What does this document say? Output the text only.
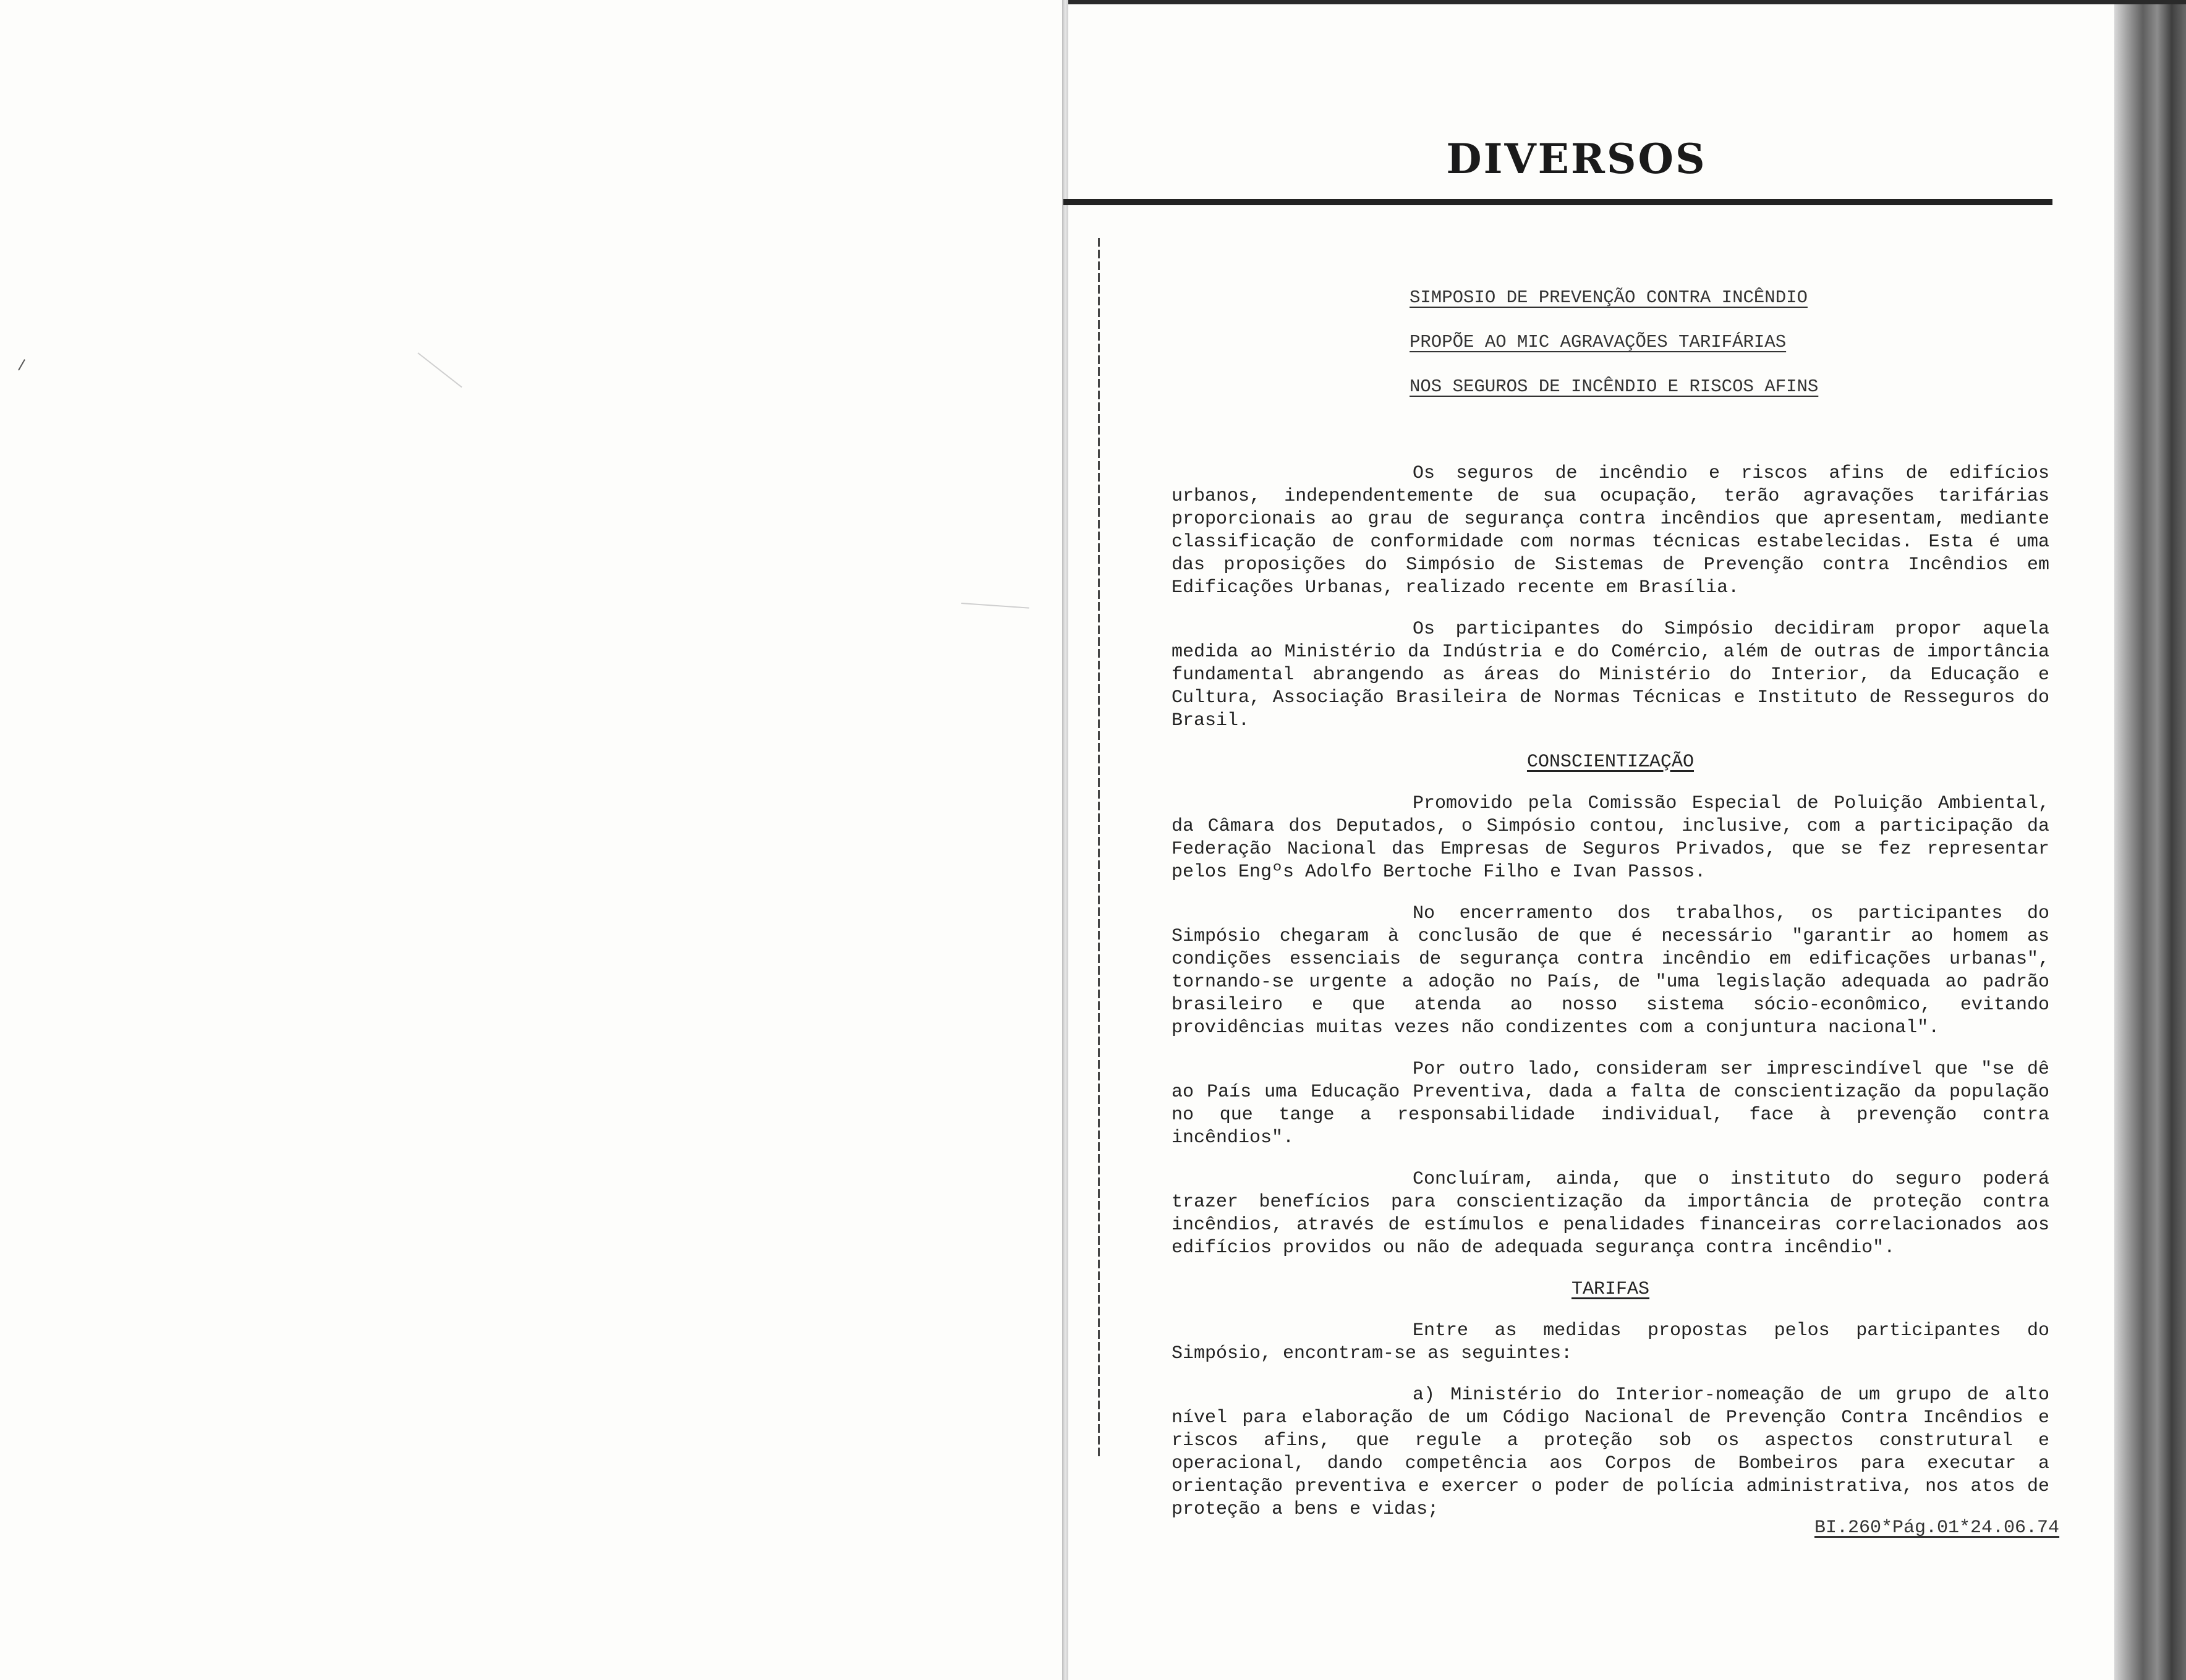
DIVERSOS

SIMPOSIO DE PREVENÇÃO CONTRA INCÊNDIO

PROPÕE AO MIC AGRAVAÇÕES TARIFÁRIAS

NOS SEGUROS DE INCÊNDIO E RISCOS AFINS

Os seguros de incêndio e riscos afins de edifícios urbanos, independentemente de sua ocupação, terão agravações tarifárias proporcionais ao grau de segurança contra incêndios que apresentam, mediante classificação de conformidade com normas técnicas estabelecidas. Esta é uma das proposições do Simpósio de Sistemas de Prevenção contra Incêndios em Edificações Urbanas, realizado recente em Brasília.

Os participantes do Simpósio decidiram propor aquela medida ao Ministério da Indústria e do Comércio, além de outras de importância fundamental abrangendo as áreas do Ministério do Interior, da Educação e Cultura, Associação Brasileira de Normas Técnicas e Instituto de Resseguros do Brasil.

CONSCIENTIZAÇÃO

Promovido pela Comissão Especial de Poluição Ambiental, da Câmara dos Deputados, o Simpósio contou, inclusive, com a participação da Federação Nacional das Empresas de Seguros Privados, que se fez representar pelos Engºs Adolfo Bertoche Filho e Ivan Passos.

No encerramento dos trabalhos, os participantes do Simpósio chegaram à conclusão de que é necessário "garantir ao homem as condições essenciais de segurança contra incêndio em edificações urbanas", tornando-se urgente a adoção no País, de "uma legislação adequada ao padrão brasileiro e que atenda ao nosso sistema sócio-econômico, evitando providências muitas vezes não condizentes com a conjuntura nacional".

Por outro lado, consideram ser imprescindível que "se dê ao País uma Educação Preventiva, dada a falta de conscientização da população no que tange a responsabilidade individual, face à prevenção contra incêndios".

Concluíram, ainda, que o instituto do seguro poderá trazer benefícios para conscientização da importância de proteção contra incêndios, através de estímulos e penalidades financeiras correlacionados aos edifícios providos ou não de adequada segurança contra incêndio".

TARIFAS

Entre as medidas propostas pelos participantes do Simpósio, encontram-se as seguintes:

a) Ministério do Interior-nomeação de um grupo de alto nível para elaboração de um Código Nacional de Prevenção Contra Incêndios e riscos afins, que regule a proteção sob os aspectos construtural e operacional, dando competência aos Corpos de Bombeiros para executar a orientação preventiva e exercer o poder de polícia administrativa, nos atos de proteção a bens e vidas;

BI.260*Pág.01*24.06.74
